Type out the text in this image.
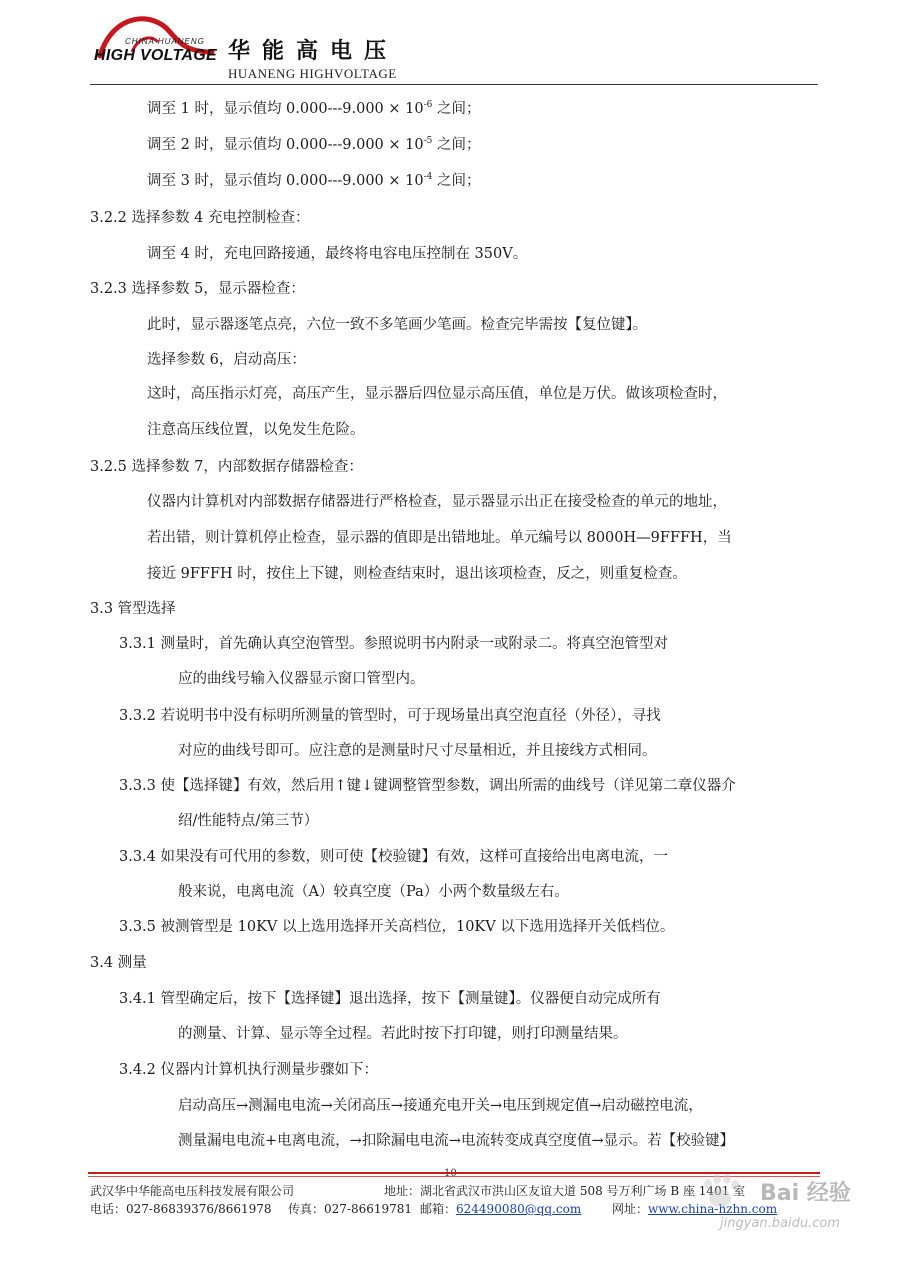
CHINA HUANENG
HIGH VOLTAGE 华能高电压
HUANENG HIGHVOLTAGE
调至 1 时，显示值均 $0.000---9.000 \times 10^{-6}$ 之间；
调至 2 时，显示值均 $0.000---9.000 \times 10^{-5}$ 之间；
调至 3 时，显示值均 $0.000---9.000 \times 10^{-4}$ 之间；
3.2.2 选择参数 4 充电控制检查：
调至 4 时，充电回路接通，最终将电容电压控制在 350V。
3.2.3 选择参数 5，显示器检查：
此时，显示器逐笔点亮，六位一致不多笔画少笔画。检查完毕需按【复位键】。
选择参数 6，启动高压：
这时，高压指示灯亮，高压产生，显示器后四位显示高压值，单位是万伏。做该项检查时，
注意高压线位置，以免发生危险。
3.2.5 选择参数 7，内部数据存储器检查：
仪器内计算机对内部数据存储器进行严格检查，显示器显示出正在接受检查的单元的地址，
若出错，则计算机停止检查，显示器的值即是出错地址。单元编号以 8000H—9FFFH，当
接近 9FFFH 时，按住上下键，则检查结束时，退出该项检查，反之，则重复检查。
3.3 管型选择
3.3.1 测量时，首先确认真空泡管型。参照说明书内附录一或附录二。将真空泡管型对
应的曲线号输入仪器显示窗口管型内。
3.3.2 若说明书中没有标明所测量的管型时，可于现场量出真空泡直径（外径），寻找
对应的曲线号即可。应注意的是测量时尺寸尽量相近，并且接线方式相同。
3.3.3 使【选择键】有效，然后用↑键↓键调整管型参数，调出所需的曲线号（详见第二章仪器介
绍/性能特点/第三节）
3.3.4 如果没有可代用的参数，则可使【校验键】有效，这样可直接给出电离电流，一
般来说，电离电流（A）较真空度（Pa）小两个数量级左右。
3.3.5 被测管型是 10KV 以上选用选择开关高档位，10KV 以下选用选择开关低档位。
3.4 测量
3.4.1 管型确定后，按下【选择键】退出选择，按下【测量键】。仪器便自动完成所有
的测量、计算、显示等全过程。若此时按下打印键，则打印测量结果。
3.4.2 仪器内计算机执行测量步骤如下：
启动高压→测漏电电流→关闭高压→接通充电开关→电压到规定值→启动磁控电流，
测量漏电电流+电离电流，→扣除漏电电流→电流转变成真空度值→显示。若【校验键】
武汉华中华能高电压科技发展有限公司	地址：湖北省武汉市洪山区友谊大道 508 号万利广场 B 座 1401 室
电话：027-86839376/8661978 传真：027-86619781 邮箱：624490080@qq.com	网址：www.china-hzhn.com
Bai 经验
jingyan.baidu.com
